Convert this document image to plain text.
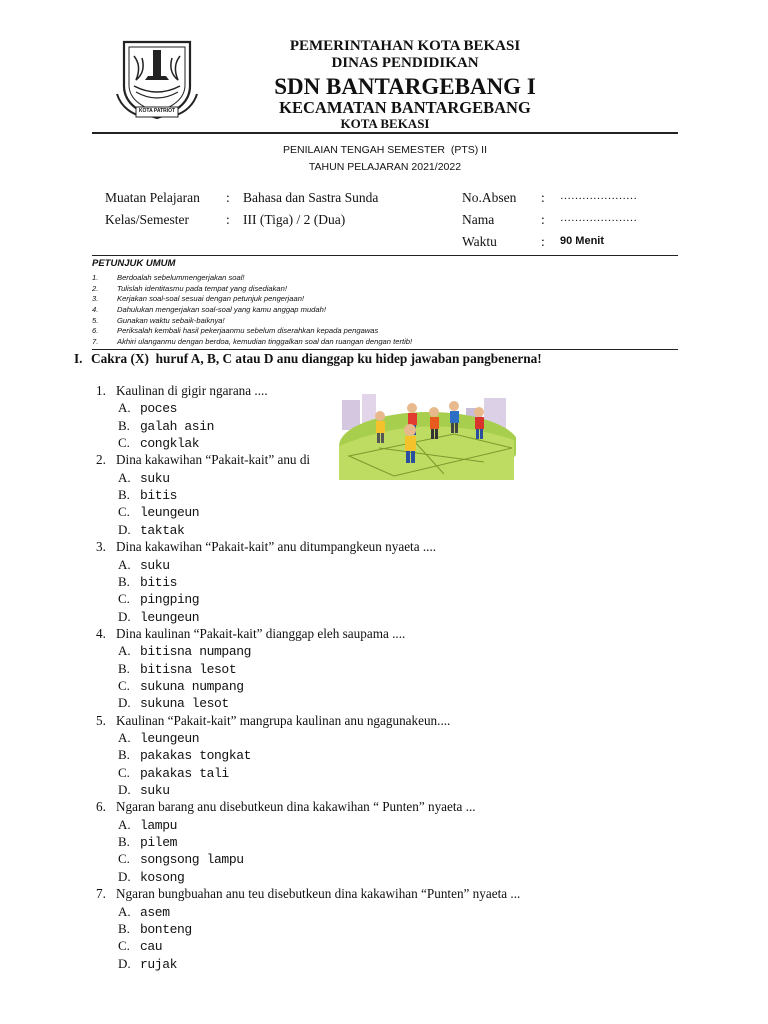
KOTA PATRIOT
PEMERINTAHAN KOTA BEKASI
DINAS PENDIDIKAN
SDN BANTARGEBANG I
KECAMATAN BANTARGEBANG
KOTA BEKASI
PENILAIAN TENGAH SEMESTER  (PTS) II
TAHUN PELAJARAN 2021/2022
Muatan Pelajaran : Bahasa dan Sastra Sunda	No.Absen : …………………
Kelas/Semester	: III (Tiga) / 2 (Dua)	Nama	: …………………
Waktu	: 90 Menit
PETUNJUK UMUM
1. Berdoalah sebelummengerjakan soal!
2. Tulislah identitasmu pada tempat yang disediakan!
3. Kerjakan soal-soal sesuai dengan petunjuk pengerjaan!
4. Dahulukan mengerjakan soal-soal yang kamu anggap mudah!
5. Gunakan waktu sebaik-baiknya!
6. Periksalah kembali hasil pekerjaanmu sebelum diserahkan kepada pengawas
7. Akhiri ulanganmu dengan berdoa, kemudian tinggalkan soal dan ruangan dengan tertib!
I. Cakra (X)  huruf A, B, C atau D anu dianggap ku hidep jawaban pangbenerna!
1. Kaulinan di gigir ngarana ....
A. poces
B. galah asin
C. congklak
2. Dina kakawihan “Pakait-kait” anu di
A. suku
B. bitis
C. leungeun
D. taktak
3. Dina kakawihan “Pakait-kait” anu ditumpangkeun nyaeta ....
A. suku
B. bitis
C. pingping
D. leungeun
4. Dina kaulinan “Pakait-kait” dianggap eleh saupama ....
A. bitisna numpang
B. bitisna lesot
C. sukuna numpang
D. sukuna lesot
5. Kaulinan “Pakait-kait” mangrupa kaulinan anu ngagunakeun....
A. leungeun
B. pakakas tongkat
C. pakakas tali
D. suku
6. Ngaran barang anu disebutkeun dina kakawihan “ Punten” nyaeta ...
A. lampu
B. pilem
C. songsong lampu
D. kosong
7. Ngaran bungbuahan anu teu disebutkeun dina kakawihan “Punten” nyaeta ...
A. asem
B. bonteng
C. cau
D. rujak
